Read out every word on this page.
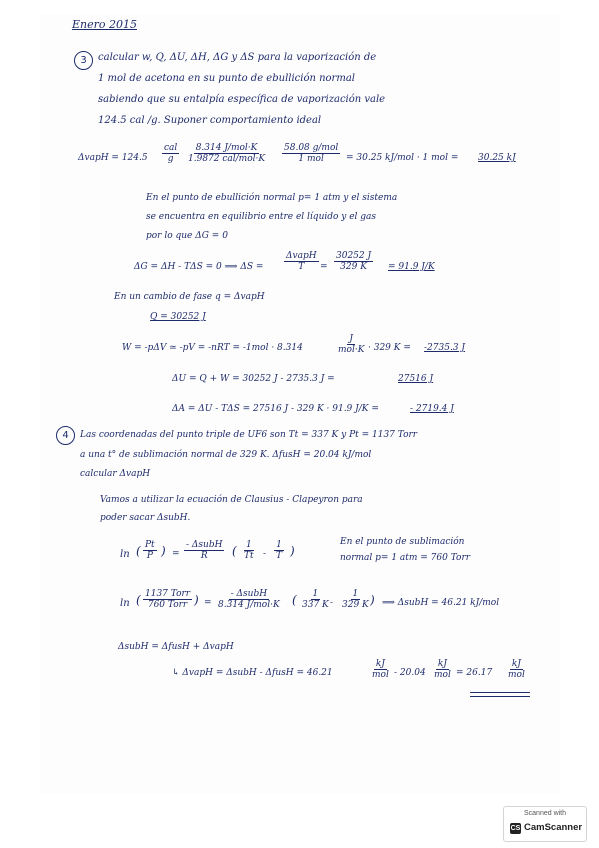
Enero 2015
3	calcular w, Q, ΔU, ΔH, ΔG y ΔS para la vaporización de
1 mol de acetona en su punto de ebullición normal
sabiendo que su entalpía específica de vaporización vale
124.5 cal /g. Suponer comportamiento ideal
ΔvapH = 124.5
cal
g
8.314 J/mol·K
1.9872 cal/mol·K
58.08 g/mol
1 mol = 30.25 kJ/mol · 1 mol = 30.25 kJ
En el punto de ebullición normal p= 1 atm y el sistema
se encuentra en equilibrio entre el líquido y el gas
por lo que ΔG = 0
ΔG = ΔH - TΔS = 0 ⟹ ΔS =
ΔvapH
$T = \frac{30252 J}{329 K} = 91.9$ J/K
En un cambio de fase q = ΔvapH
Q = 30252 J
W = -pΔV ≃ -pV = -nRT = -1mol · 8.314
J
mol·K · 329 K = -2735.3 J
ΔU = Q + W = 30252 J - 2735.3 J =	27516 J
ΔA = ΔU - TΔS = 27516 J - 329 K · 91.9 J/K =	- 2719.4 J
4	Las coordenadas del punto triple de UF6 son Tt = 337 K y Pt = 1137 Torr
a una t° de sublimación normal de 329 K. ΔfusH = 20.04 kJ/mol
calcular ΔvapH
Vamos a utilizar la ecuación de Clausius - Clapeyron para
poder sacar ΔsubH.
ln ( $\frac{Pt}{P}$ ) =
- ΔsubH
R ( $\frac{1}{Tt} - \frac{1}{T}$ )
En el punto de sublimación
normal p= 1 atm = 760 Torr
ln ( 1137 Torr
760 Torr ) =
- ΔsubH
8.314 J/mol·K ( $\frac{1}{337 K} - \frac{1}{329 K}$ ) ⟹ ΔsubH = 46.21 kJ/mol
ΔsubH = ΔfusH + ΔvapH
↳ ΔvapH = ΔsubH - ΔfusH = 46.21
kJ
mol - 20.04
kJ
mol = 26.17
kJ
mol
Scanned with
CS CamScanner
